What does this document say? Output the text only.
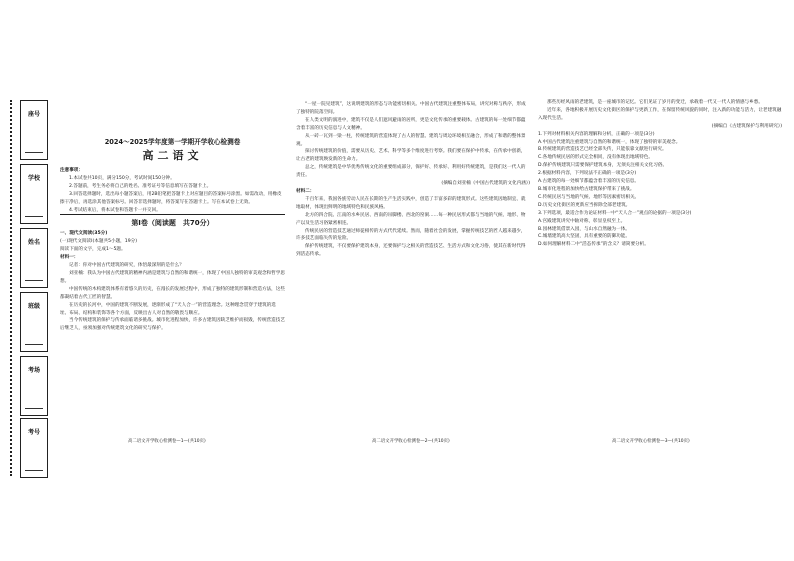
座号
学校
姓名
班级
考场
考号
2024～2025学年度第一学期开学收心检测卷
高二语文

注意事项：

1.本试卷共10页，满分150分，考试时间150分钟。

2.答题前，考生务必将自己的姓名、准考证号等信息填写在答题卡上。

3.回答选择题时，选出每小题答案后，用2B铅笔把答题卡上对应题目的答案标号涂黑。如需改动，用橡皮擦干净后，再选涂其他答案标号。回答非选择题时，将答案写在答题卡上。写在本试卷上无效。

4.考试结束后，将本试卷和答题卡一并交回。

第Ⅰ卷（阅读题　共70分）

一、现代文阅读(35分)

(一)现代文阅读Ⅰ(本题共5小题，19分)

阅读下面的文字，完成1～5题。

材料一：

记者：你对中国古代建筑的研究，体悟最深刻的是什么？

刘亚楠：我认为中国古代建筑的精神内涵是建筑与自然的和谐统一，体现了中国人独特的审美观念和哲学思想。

中国传统的木构建筑体系有着悠久的历史，在漫长的发展过程中，形成了独特的建筑形制和营造方法，这些都凝结着古代工匠的智慧。

在历史的长河中，中国的建筑不断发展，逐渐形成了“天人合一”的营造理念。这种理念贯穿于建筑的选址、布局、结构和装饰等各个方面，反映出古人对自然的敬畏与顺应。

当今传统建筑的保护与传承面临诸多挑战。城市化进程加快，许多古建筑因缺乏维护而损毁，传统营造技艺后继乏人，亟须加强对传统建筑文化的研究与保护。

高二语文开学收心检测卷—1—(共10页)

“一屋一院见建筑”，这说明建筑的形态与功能密切相关。中国古代建筑注重整体布局，讲究对称与秩序，形成了独特的院落空间。

在人类文明的演进中，建筑不仅是人们遮风避雨的居所，更是文化传承的重要载体。古建筑的每一处细节都蕴含着丰富的历史信息与人文精神。

从一砖一瓦到一梁一柱，传统建筑的营造体现了古人的智慧。建筑与周边环境相互融合，形成了和谐的整体景观。

探讨传统建筑的价值，需要从历史、艺术、科学等多个维度进行考察。我们要在保护中传承，在传承中创新，让古老的建筑焕发新的生命力。

总之，传统建筑是中华优秀传统文化的重要组成部分，保护好、传承好、利用好传统建筑，是我们这一代人的责任。

(摘编自刘亚楠《中国古代建筑的文化内涵》)

材料二：

千百年来，我国各族劳动人民在长期的生产生活实践中，创造了丰富多彩的建筑形式。这些建筑因地制宜、就地取材，体现出鲜明的地域特色和民族风格。

北方的四合院、江南的水乡民居、西南的吊脚楼、西北的窑洞……每一种民居形式都与当地的气候、地形、物产以及生活习俗紧密相连。

传统民居的营造技艺通过师徒相传的方式代代延续。然而，随着社会的发展，掌握传统技艺的匠人越来越少，许多技艺面临失传的危险。

保护传统建筑，不仅要保护建筑本身，还要保护与之相关的营造技艺、生活方式和文化习俗，使其在新时代得到活态传承。

高二语文开学收心检测卷—2—(共10页)

那些历经风雨的老建筑，是一座城市的记忆。它们见证了岁月的变迁，承载着一代又一代人的情感与乡愁。

近年来，各地积极开展历史文化街区的保护与更新工作，在保留传统风貌的同时，注入新的功能与活力，让老建筑融入现代生活。

(摘编自《古建筑保护与利用研究》)

1.下列对材料相关内容的理解和分析，正确的一项是(3分)

A.中国古代建筑注重建筑与自然的和谐统一，体现了独特的审美观念。

B.传统建筑的营造技艺已经全部失传，只能依靠文献进行研究。

C.各地传统民居的形式完全相同，没有体现出地域特色。

D.保护传统建筑只需要保护建筑本身，无须关注相关文化习俗。

2.根据材料内容，下列说法不正确的一项是(3分)

A.古建筑的每一处细节都蕴含着丰富的历史信息。

B.城市化进程的加快给古建筑保护带来了挑战。

C.传统民居与当地的气候、地形等因素密切相关。

D.历史文化街区的更新应当拆除全部老建筑。

3.下列选项，最适合作为论证材料一中“天人合一”观点的论据的一项是(3分)

A.宫殿建筑讲究中轴对称，彰显皇权至上。

B.园林建筑借景入园，与山水自然融为一体。

C.城墙建筑高大坚固，具有重要的防御功能。

D.如何理解材料二中“活态传承”的含义？请简要分析。

高二语文开学收心检测卷—3—(共10页)
